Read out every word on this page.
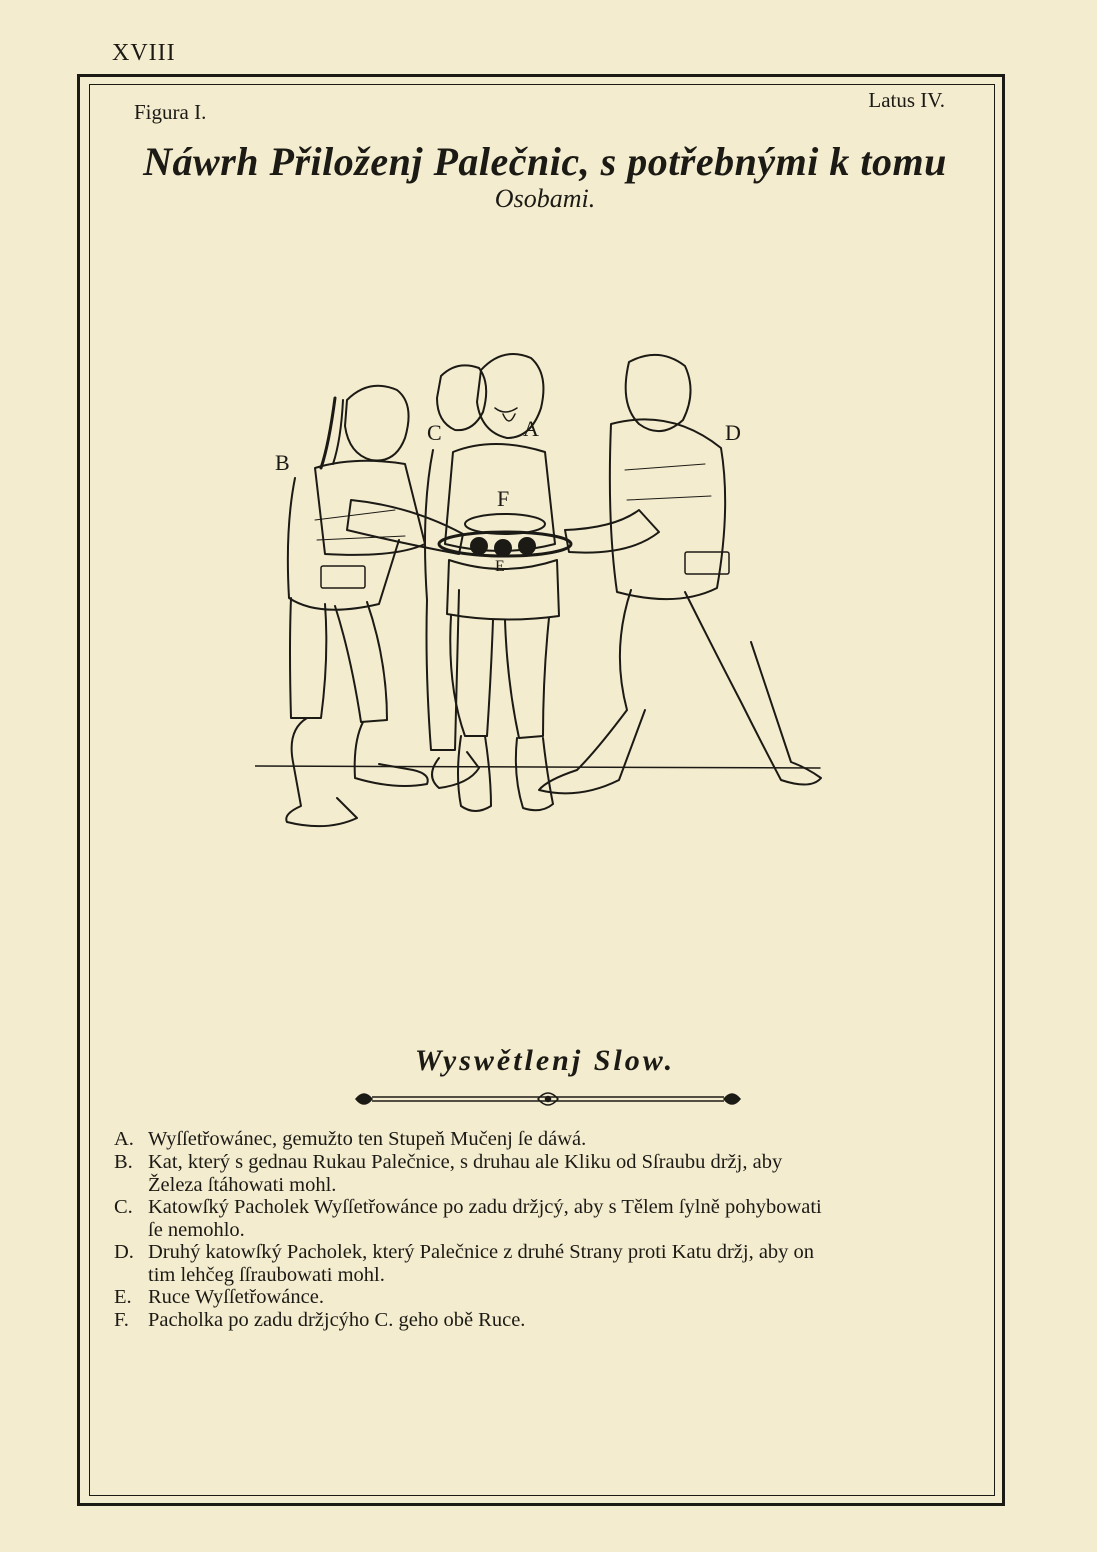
XVIII
Figura I.	Latus IV.
Náwrh Přiloženj Palečnic, s potřebnými k tomu
Osobami.
B
C	A	D
F
E
Wyswětlenj Slow.
A. Wyſſetřowánec, gemužto ten Stupeň Mučenj ſe dáwá.
B. Kat, který s gednau Rukau Palečnice, s druhau ale Kliku od Sſraubu držj, aby
Železa ſtáhowati mohl.
C. Katowſký Pacholek Wyſſetřowánce po zadu držjcý, aby s Tělem ſylně pohybowati
ſe nemohlo.
D. Druhý katowſký Pacholek, který Palečnice z druhé Strany proti Katu držj, aby on
tim lehčeg ſſraubowati mohl.
E. Ruce Wyſſetřowánce.
F. Pacholka po zadu držjcýho C. geho obě Ruce.
